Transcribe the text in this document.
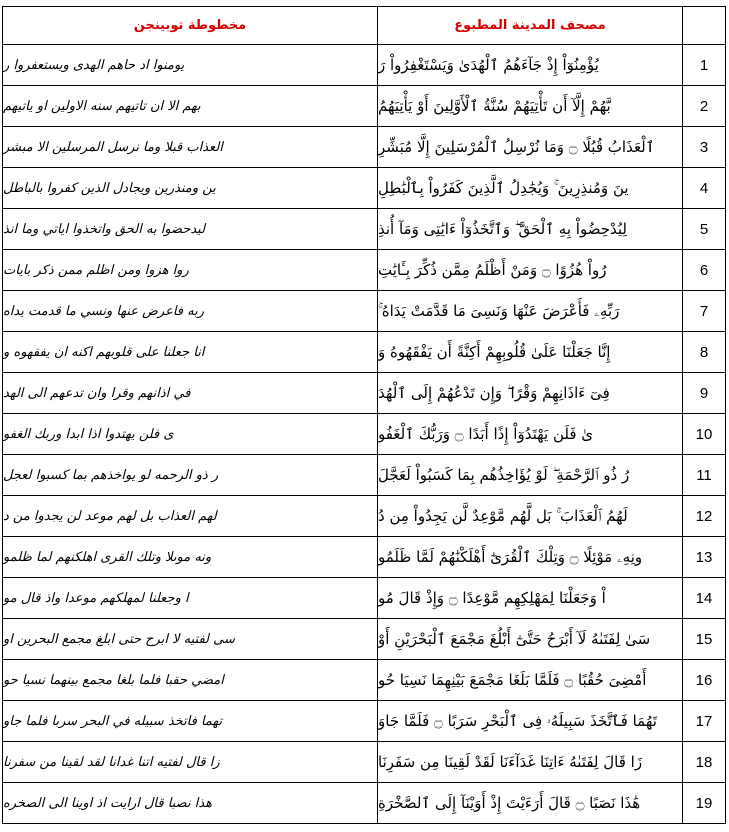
مخطوطة توبينجن	مصحف المدينة المطبوع	
يومنوا اد حاهم الهدى ويستعفروا ر	يُؤْمِنُوٓاْ إِذْ جَآءَهُمُ ٱلْهُدَىٰ وَيَسْتَغْفِرُواْ رَ	1
بهم الا ان تاتيهم سنه الاولين او ياتيهم	بَّهُمْ إِلَّآ أَن تَأْتِيَهُمْ سُنَّةُ ٱلْأَوَّلِينَ أَوْ يَأْتِيَهُمُ	2
العذاب قبلا وما نرسل المرسلين الا مبشر	ٱلْعَذَابُ قُبُلًا ۝ وَمَا نُرْسِلُ ٱلْمُرْسَلِينَ إِلَّا مُبَشِّرِ	3
ين ومنذرين ويجادل الذين كفروا بالباطل	ينَ وَمُنذِرِينَ ۚ وَيُجَٰدِلُ ٱلَّذِينَ كَفَرُواْ بِٱلْبَٰطِلِ	4
ليدحضوا به الحق واتخذوا اياتي وما انذ	لِيُدْحِضُواْ بِهِ ٱلْحَقَّ ۖ وَٱتَّخَذُوٓاْ ءَايَٰتِى وَمَآ أُنذِ	5
روا هزوا ومن اظلم ممن ذكر بايات	رُواْ هُزُوًا ۝ وَمَنْ أَظْلَمُ مِمَّن ذُكِّرَ بِـَٔايَٰتِ	6
ربه فاعرض عنها ونسي ما قدمت يداه	رَبِّهِۦ فَأَعْرَضَ عَنْهَا وَنَسِىَ مَا قَدَّمَتْ يَدَاهُ ۚ	7
انا جعلنا على قلوبهم اكنه ان يفقهوه و	إِنَّا جَعَلْنَا عَلَىٰ قُلُوبِهِمْ أَكِنَّةً أَن يَفْقَهُوهُ وَ	8
في اذانهم وقرا وان تدعهم الى الهد	فِىٓ ءَاذَانِهِمْ وَقْرًا ۖ وَإِن تَدْعُهُمْ إِلَى ٱلْهُدَ	9
ى فلن يهتدوا اذا ابدا وربك الغفو	ىٰ فَلَن يَهْتَدُوٓاْ إِذًا أَبَدًا ۝ وَرَبُّكَ ٱلْغَفُو	10
ر ذو الرحمه لو يواخذهم بما كسبوا لعجل	رُ ذُو ٱلرَّحْمَةِ ۖ لَوْ يُؤَاخِذُهُم بِمَا كَسَبُواْ لَعَجَّلَ	11
لهم العذاب بل لهم موعد لن يجدوا من د	لَهُمُ ٱلْعَذَابَ ۚ بَل لَّهُم مَّوْعِدٌ لَّن يَجِدُواْ مِن دُ	12
ونه موىلا وتلك القرى اهلكنهم لما ظلمو	ونِهِۦ مَوْئِلًا ۝ وَتِلْكَ ٱلْقُرَىٰٓ أَهْلَكْنَٰهُمْ لَمَّا ظَلَمُو	13
ا وجعلنا لمهلكهم موعدا واذ قال مو	اْ وَجَعَلْنَا لِمَهْلِكِهِم مَّوْعِدًا ۝ وَإِذْ قَالَ مُو	14
سى لفتيه لا ابرح حتى ابلغ مجمع البحرين او	سَىٰ لِفَتَىٰهُ لَآ أَبْرَحُ حَتَّىٰٓ أَبْلُغَ مَجْمَعَ ٱلْبَحْرَيْنِ أَوْ	15
امضي حقبا فلما بلغا مجمع بينهما نسيا حو	أَمْضِىَ حُقُبًا ۝ فَلَمَّا بَلَغَا مَجْمَعَ بَيْنِهِمَا نَسِيَا حُو	16
تهما فاتخذ سبيله في البحر سربا فلما جاو	تَهُمَا فَٱتَّخَذَ سَبِيلَهُۥ فِى ٱلْبَحْرِ سَرَبًا ۝ فَلَمَّا جَاوَ	17
زا قال لفتيه اتنا غدانا لقد لقينا من سفرنا	زَا قَالَ لِفَتَىٰهُ ءَاتِنَا غَدَآءَنَا لَقَدْ لَقِينَا مِن سَفَرِنَا	18
هذا نصبا قال ارايت اذ اوينا الى الصخره	هَٰذَا نَصَبًا ۝ قَالَ أَرَءَيْتَ إِذْ أَوَيْنَآ إِلَى ٱلصَّخْرَةِ	19
